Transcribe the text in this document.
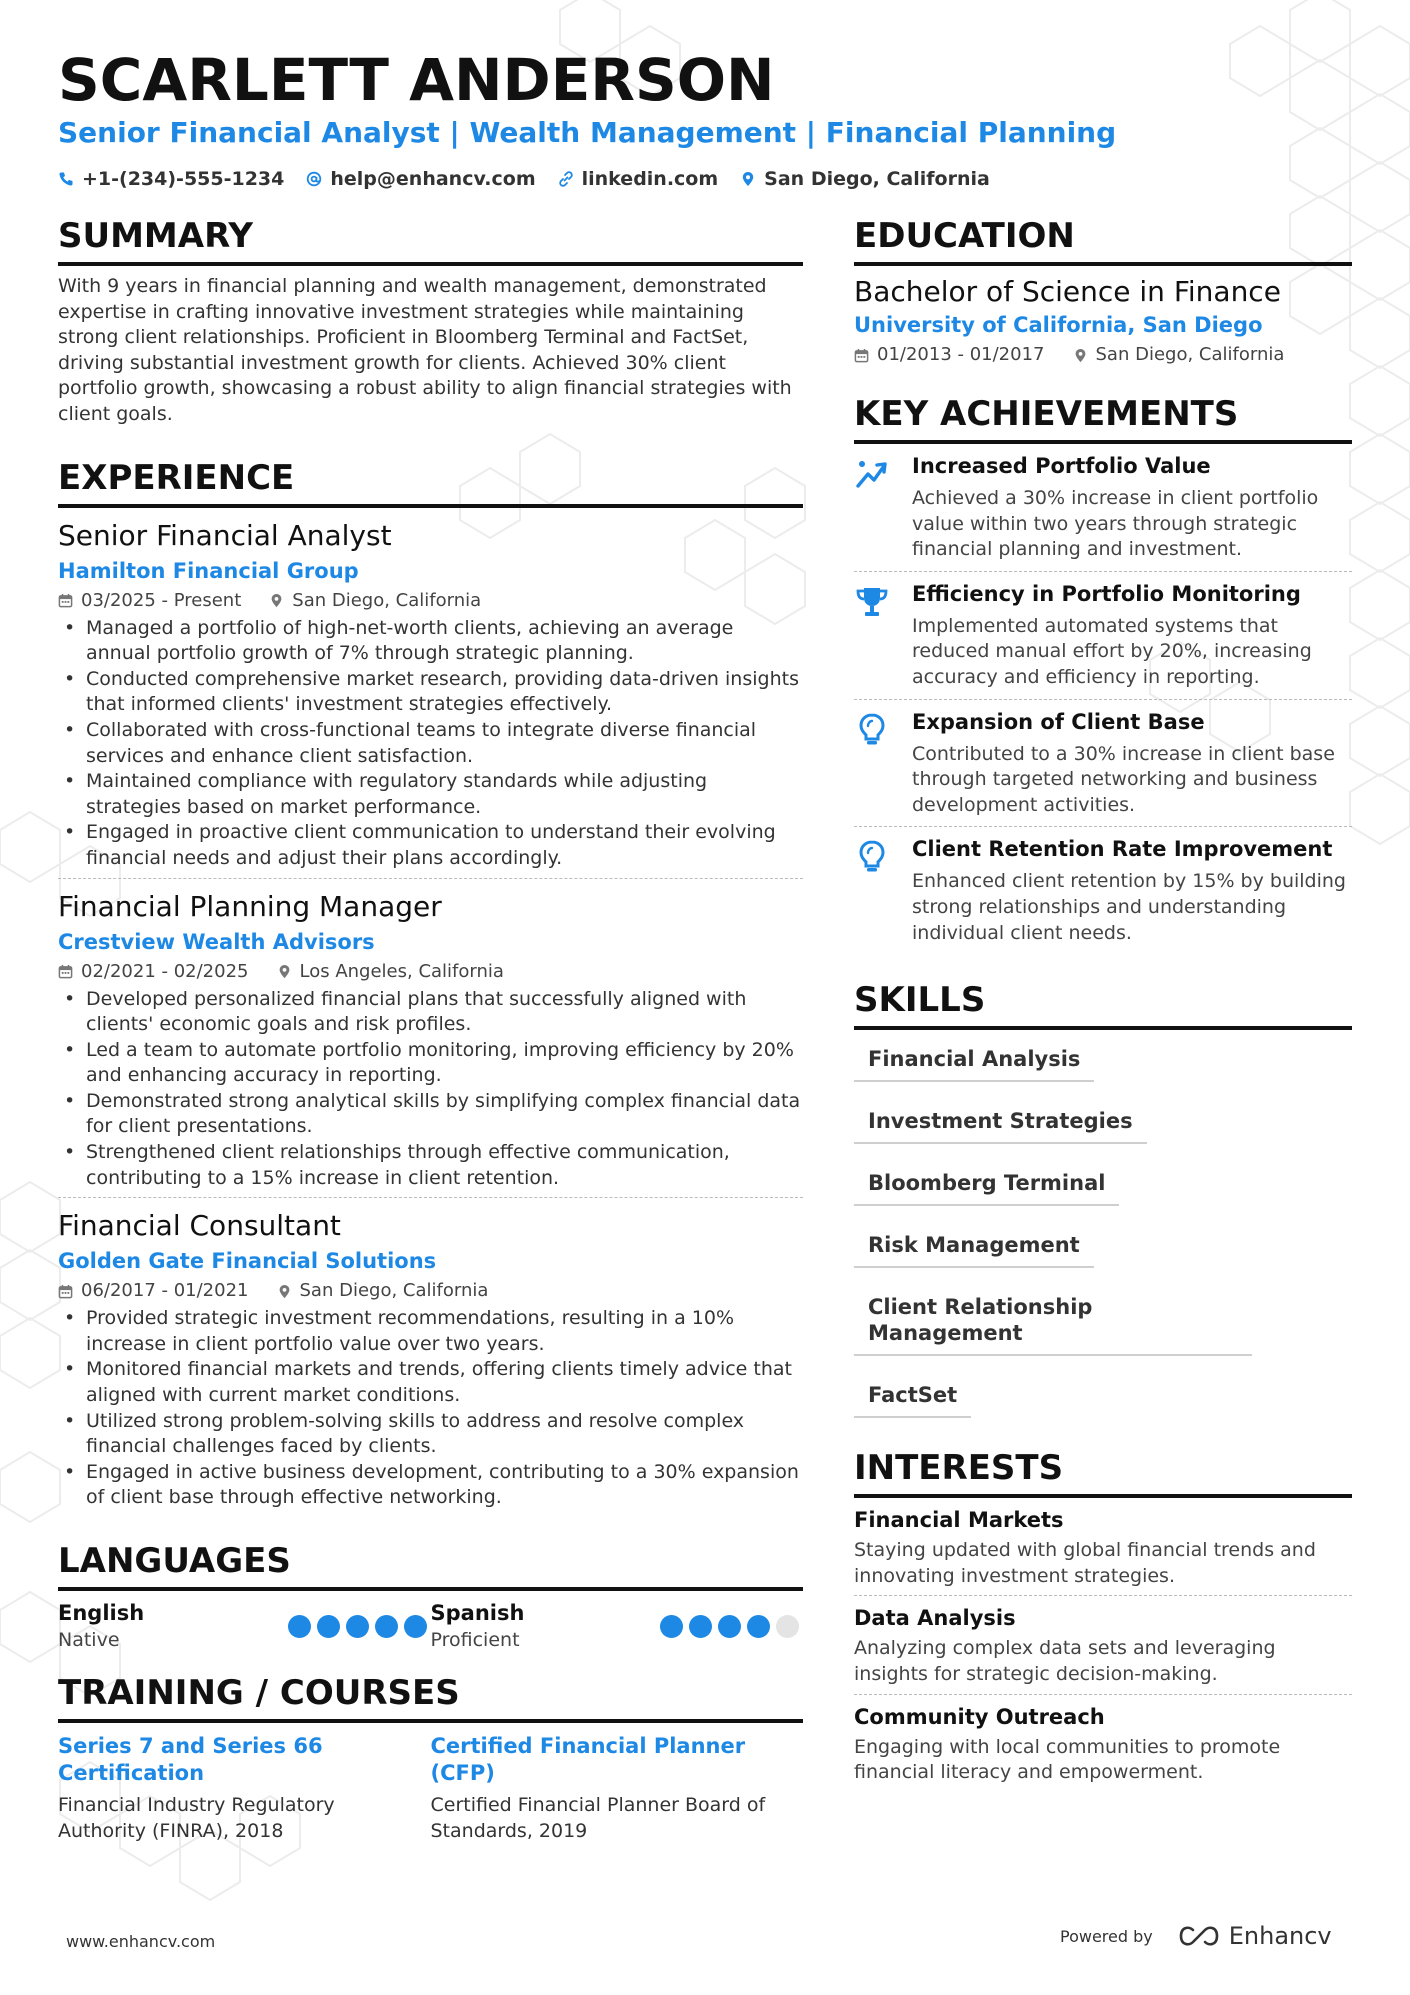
SCARLETT ANDERSON
Senior Financial Analyst | Wealth Management | Financial Planning
+1-(234)-555-1234 help@enhancv.com linkedin.com San Diego, California
SUMMARY

With 9 years in financial planning and wealth management, demonstrated expertise in crafting innovative investment strategies while maintaining strong client relationships. Proficient in Bloomberg Terminal and FactSet, driving substantial investment growth for clients. Achieved 30% client portfolio growth, showcasing a robust ability to align financial strategies with client goals.

EXPERIENCE
Senior Financial Analyst
Hamilton Financial Group
03/2025 - Present	San Diego, California
• Managed a portfolio of high-net-worth clients, achieving an average annual portfolio growth of 7% through strategic planning.
• Conducted comprehensive market research, providing data-driven insights that informed clients' investment strategies effectively.
• Collaborated with cross-functional teams to integrate diverse financial services and enhance client satisfaction.
• Maintained compliance with regulatory standards while adjusting strategies based on market performance.
• Engaged in proactive client communication to understand their evolving financial needs and adjust their plans accordingly.
Financial Planning Manager
Crestview Wealth Advisors
02/2021 - 02/2025	Los Angeles, California
• Developed personalized financial plans that successfully aligned with clients' economic goals and risk profiles.
• Led a team to automate portfolio monitoring, improving efficiency by 20% and enhancing accuracy in reporting.
• Demonstrated strong analytical skills by simplifying complex financial data for client presentations.
• Strengthened client relationships through effective communication, contributing to a 15% increase in client retention.
Financial Consultant
Golden Gate Financial Solutions
06/2017 - 01/2021	San Diego, California
• Provided strategic investment recommendations, resulting in a 10% increase in client portfolio value over two years.
• Monitored financial markets and trends, offering clients timely advice that aligned with current market conditions.
• Utilized strong problem-solving skills to address and resolve complex financial challenges faced by clients.
• Engaged in active business development, contributing to a 30% expansion of client base through effective networking.
LANGUAGES
English
Native
Spanish
Proficient
TRAINING / COURSES
Series 7 and Series 66 Certification
Financial Industry Regulatory Authority (FINRA), 2018
Certified Financial Planner (CFP)
Certified Financial Planner Board of Standards, 2019
EDUCATION
Bachelor of Science in Finance
University of California, San Diego
01/2013 - 01/2017	San Diego, California
KEY ACHIEVEMENTS
Increased Portfolio Value
Achieved a 30% increase in client portfolio value within two years through strategic financial planning and investment.
Efficiency in Portfolio Monitoring
Implemented automated systems that reduced manual effort by 20%, increasing accuracy and efficiency in reporting.
Expansion of Client Base
Contributed to a 30% increase in client base through targeted networking and business development activities.
Client Retention Rate Improvement
Enhanced client retention by 15% by building strong relationships and understanding individual client needs.
SKILLS
Financial Analysis
Investment Strategies
Bloomberg Terminal
Risk Management
Client Relationship Management
FactSet
INTERESTS
Financial Markets
Staying updated with global financial trends and innovating investment strategies.
Data Analysis
Analyzing complex data sets and leveraging insights for strategic decision-making.
Community Outreach
Engaging with local communities to promote financial literacy and empowerment.
www.enhancv.com	Powered by	Enhancv
